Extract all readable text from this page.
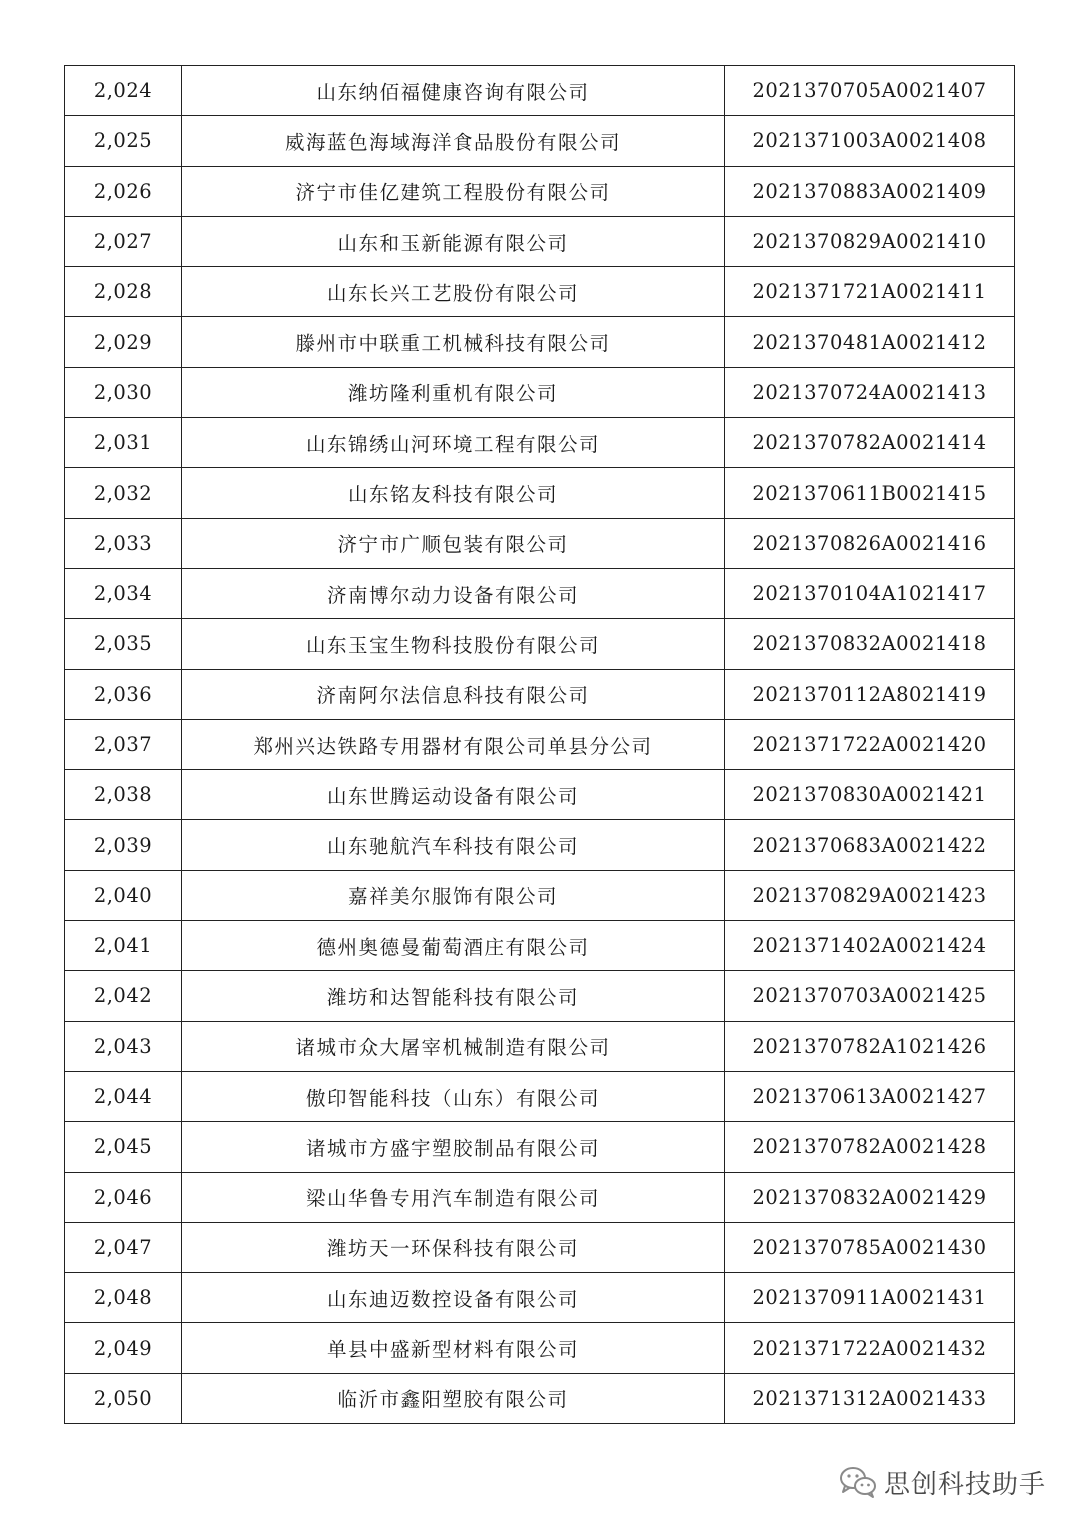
2,024	山东纳佰福健康咨询有限公司	2021370705A0021407
2,025	威海蓝色海域海洋食品股份有限公司	2021371003A0021408
2,026	济宁市佳亿建筑工程股份有限公司	2021370883A0021409
2,027	山东和玉新能源有限公司	2021370829A0021410
2,028	山东长兴工艺股份有限公司	2021371721A0021411
2,029	滕州市中联重工机械科技有限公司	2021370481A0021412
2,030	潍坊隆利重机有限公司	2021370724A0021413
2,031	山东锦绣山河环境工程有限公司	2021370782A0021414
2,032	山东铭友科技有限公司	2021370611B0021415
2,033	济宁市广顺包装有限公司	2021370826A0021416
2,034	济南博尔动力设备有限公司	2021370104A1021417
2,035	山东玉宝生物科技股份有限公司	2021370832A0021418
2,036	济南阿尔法信息科技有限公司	2021370112A8021419
2,037	郑州兴达铁路专用器材有限公司单县分公司	2021371722A0021420
2,038	山东世腾运动设备有限公司	2021370830A0021421
2,039	山东驰航汽车科技有限公司	2021370683A0021422
2,040	嘉祥美尔服饰有限公司	2021370829A0021423
2,041	德州奥德曼葡萄酒庄有限公司	2021371402A0021424
2,042	潍坊和达智能科技有限公司	2021370703A0021425
2,043	诸城市众大屠宰机械制造有限公司	2021370782A1021426
2,044	傲印智能科技（山东）有限公司	2021370613A0021427
2,045	诸城市方盛宇塑胶制品有限公司	2021370782A0021428
2,046	梁山华鲁专用汽车制造有限公司	2021370832A0021429
2,047	潍坊天一环保科技有限公司	2021370785A0021430
2,048	山东迪迈数控设备有限公司	2021370911A0021431
2,049	单县中盛新型材料有限公司	2021371722A0021432
2,050	临沂市鑫阳塑胶有限公司	2021371312A0021433
思创科技助手
